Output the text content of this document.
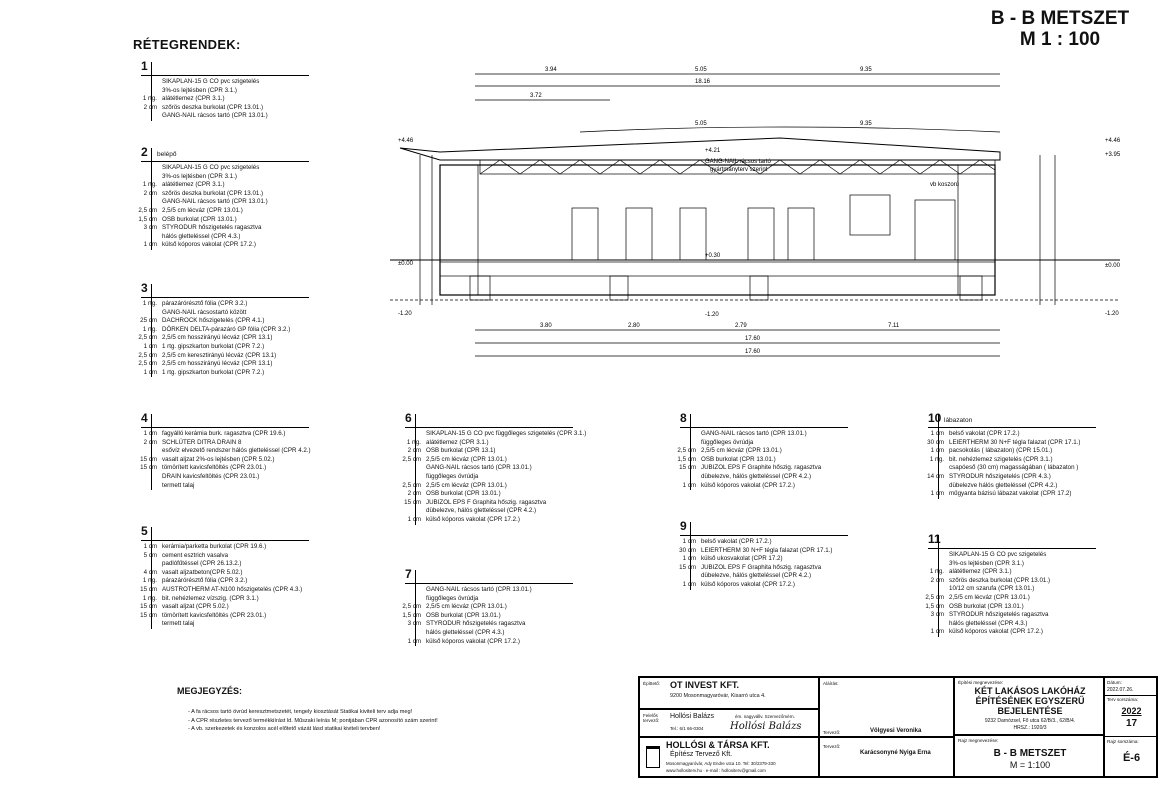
B - B METSZET
M 1 : 100
RÉTEGRENDEK:
1
SIKAPLAN-15 G CO pvc szigetelés
3%-os lejtésben (CPR 3.1.)
1 rtg. alátétlemez (CPR 3.1.)
2 cm szőrös deszka burkolat (CPR 13.01.)
GANG-NAIL rácsos tartó (CPR 13.01.)
2 belépő
SIKAPLAN-15 G CO pvc szigetelés
3%-os lejtésben (CPR 3.1.)
1 rtg. alátétlemez (CPR 3.1.)
2 cm szőrös deszka burkolat (CPR 13.01.)
GANG-NAIL rácsos tartó (CPR 13.01.)
2,5 cm 2,5/5 cm lécváz (CPR 13.01.)
1,5 cm OSB burkolat (CPR 13.01.)
3 cm STYRODUR hőszigetelés ragasztva
hálós glettelés​sel (CPR 4.3.)
1 cm külső kóporos vakolat (CPR 17.2.)
3
1 rtg. párazáró​résztő fólia (CPR 3.2.)
GANG-NAIL rácsostartó között
25 cm DACHROCK hőszigetelés (CPR 4.1.)
1 rtg. DÖRKEN DELTA-párazáró GP fólia (CPR 3.2.)
2,5 cm 2,5/5 cm hosszirányú lécváz (CPR 13.1)
1 cm 1 rtg. gipszkarton burkolat (CPR 7.2.)
2,5 cm 2,5/5 cm keresztirányú lécváz (CPR 13.1)
2,5 cm 2,5/5 cm hosszirányú lécváz (CPR 13.1)
1 cm 1 rtg. gipszkarton burkolat (CPR 7.2.)
4
1 cm fagyálló kerámia burk. ragasztva (CPR 19.6.)
2 cm SCHLÜTER DITRA DRAIN 8
esővíz elvezető rendszer hálós glettelés​sel (CPR 4.2.)
15 cm vasalt aljzat 2%-os lejtésben (CPR 5.02.)
15 cm tömörített kavicsfeltöltés (CPR 23.01.)
DRAIN kavicsfeltöltés (CPR 23.01.)
termett talaj
5
1 cm kerámia/parketta burkolat (CPR 19.6.)
5 cm cement esztrich vasalva
padlófűtéssel (CPR 26.13.2.)
4 cm vasalt aljzatbeton(CPR 5.02.)
1 rtg. párazáró​résztő fólia (CPR 3.2.)
15 cm AUSTROTHERM AT-N100 hőszigetelés (CPR 4.3.)
1 rtg. bit. nehézlemez vízszig. (CPR 3.1.)
15 cm vasalt aljzat (CPR 5.02.)
15 cm tömörített kavicsfeltöltés (CPR 23.01.)
termett talaj
6
SIKAPLAN-15 G CO pvc függőleges szigetelés (CPR 3.1.)
1 rtg. alátétlemez (CPR 3.1.)
2 cm OSB burkolat (CPR 13.1)
2,5 cm 2,5/5 cm lécváz (CPR 13.01.)
GANG-NAIL rácsos tartó (CPR 13.01.)
függőleges övrúdja
2,5 cm 2,5/5 cm lécváz (CPR 13.01.)
2 cm OSB burkolat (CPR 13.01.)
15 cm JUBIZOL EPS F Graphita hőszig. ragasztva
dübelezve, hálós glettelés​sel (CPR 4.2.)
1 cm külső kóporos vakolat (CPR 17.2.)
7
GANG-NAIL rácsos tartó (CPR 13.01.)
függőleges övrúdja
2,5 cm 2,5/5 cm lécváz (CPR 13.01.)
1,5 cm OSB burkolat (CPR 13.01.)
3 cm STYRODUR hőszigetelés ragasztva
hálós glettelés​sel (CPR 4.3.)
1 cm külső kóporos vakolat (CPR 17.2.)
8
GANG-NAIL rácsos tartó (CPR 13.01.)
függőleges övrúdja
2,5 cm 2,5/5 cm lécváz (CPR 13.01.)
1,5 cm OSB burkolat (CPR 13.01.)
15 cm JUBIZOL EPS F Graphite hőszig. ragasztva
dübelezve, hálós glettelés​sel (CPR 4.2.)
1 cm külső kóporos vakolat (CPR 17.2.)
9
1 cm belső vakolat (CPR 17.2.)
30 cm LEIERTHERM 30 N+F tégla falazat (CPR 17.1.)
1 cm külső ukosvakolat (CPR 17.2)
15 cm JUBIZOL EPS F Graphita hőszig. ragasztva
dübelezve, hálós glettelés​sel (CPR 4.2.)
1 cm külső kóporos vakolat (CPR 17.2.)
10 lábazaton
1 cm belső vakolat (CPR 17.2.)
30 cm LEIERTHERM 30 N+F tégla falazat (CPR 17.1.)
1 cm pacsokolás ( lábazaton) (CPR 15.01.)
1 rtg. bit. nehézlemez szigetelés (CPR 3.1.)
csapóeső (30 cm) magasságában ( lábazaton )
14 cm STYRODUR hőszigetelés (CPR 4.3.)
dübelezve hálós glettelés​sel (CPR 4.2.)
1 cm műgyanta bázisú lábazat vakolat (CPR 17.2)
11
SIKAPLAN-15 G CO pvc szigetelés
3%-os lejtésben (CPR 3.1.)
1 rtg. alátétlemez (CPR 3.1.)
2 cm szőrös deszka burkolat (CPR 13.01.)
10/12 cm szarufa (CPR 13.01.)
2,5 cm 2,5/5 cm lécváz (CPR 13.01.)
1,5 cm OSB burkolat (CPR 13.01.)
3 cm STYRODUR hőszigetelés ragasztva
hálós glettelés​sel (CPR 4.3.)
1 cm külső kóporos vakolat (CPR 17.2.)
MEGJEGYZÉS:
- A fa rácsos tartó övrúd keresztmetszetét, tengely kiosztását Statikai kiviteli terv adja meg!
- A CPR részletes tervező termékkiírást ld. Műszaki leírás M; pontjában CPR azonosító szám szerint!
- A vb. szerkezetek és konzolos acél előtető vázát lásd statikai kiviteli tervben!
3.94	5.05	9.35
18.16
3.72
5.05	9.35
GANG-NAIL rácsos tartó
gyártmányterv szerint
vb koszorú
+4.46
±0.00
-1.20
+4.46
+3.95
±0.00
-1.20
+4.21
+0.30
-1.20
3.80	2.80	2.79	7.11
17.60
17.60
Építtető: OT INVEST KFT.
9200 Mosonmagyaróvár, Kisarró utca 4.
Felelős tervező:
Hollósi Balázs	ém. nagyvállv. Szervezőmérn.
Tel.: 6/1 66-0304	Hollósi Balázs
HOLLÓSI & TÁRSA KFT.
Építész Tervező Kft.
Mosonmagyaróvár, Ady Endre utca 10. Tel: 30/2379-330
www.hollositerv.hu · e-mail : hollositerv@gmail.com
Aláírás:
Tervező:	Völgyesi Veronika
Tervező:
Karácsonyné Nyiga Erna
Építési megnevezése:
KÉT LAKÁSOS LAKÓHÁZ
ÉPÍTÉSÉNEK EGYSZERŰ
BEJELENTÉSE
9232 Darnózsel, Fő utca 62/B/3., 62/B/4.
HRSZ.: 1920/3
Rajz megnevezése:
B - B METSZET
M = 1:100
Dátum:
2022.07.26.
Terv sorszáma:
2022
17
Rajz sorszáma:
É-6
